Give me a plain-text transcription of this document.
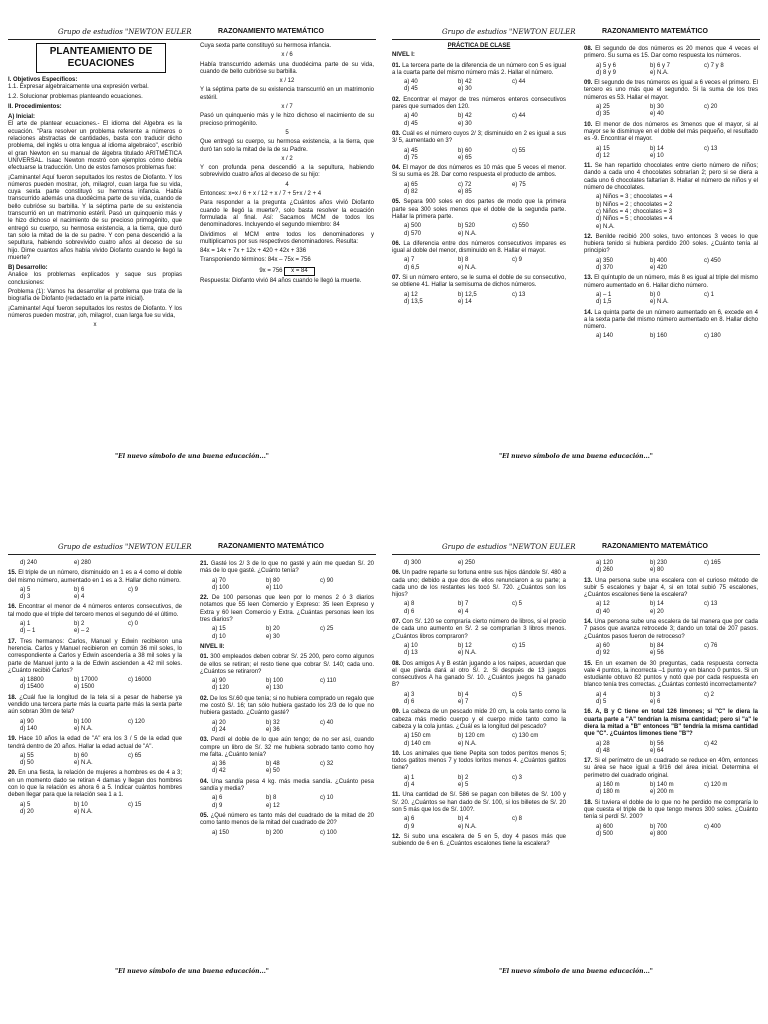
Grupo de estudios "NEWTON EULER	RAZONAMIENTO MATEMÁTICO
PLANTEAMIENTO DE ECUACIONES
I. Objetivos Específicos:
1.1. Expresar algebraicamente una expresión verbal.
1.2. Solucionar problemas planteando ecuaciones.
II. Procedimientos:
A) Inicial:
El arte de plantear ecuaciones.- El idioma del Algebra es la ecuación. "Para resolver un problema referente a números o relaciones abstractas de cantidades, basta con traducir dicho problema, del inglés u otra lengua al idioma algebraico", escribió el gran Newton en su manual de álgebra titulado ARITMÉTICA UNIVERSAL. Isaac Newton mostró con ejemplos cómo debía efectuarse la traducción. Uno de estos famosos problemas fue:
¡Caminante! Aquí fueron sepultados los restos de Diofanto. Y los números pueden mostrar, ¡oh, milagro!, cuan larga fue su vida, cuya sexta parte constituyó su hermosa infancia. Había transcurrido además una duodécima parte de su vida, cuando de bello cubrióse su barbilla. Y la séptima parte de su existencia transcurrió en un matrimonio estéril. Pasó un quinquenio más y le hizo dichoso el nacimiento de su precioso primogénito, que entregó su cuerpo, su hermosa existencia, a la tierra, que duró tan solo la mitad de la de su padre. Y con pena descendió a la sepultura, habiendo sobrevivido cuatro años al deceso de su hijo. Dime cuantos años había vivido Diofanto cuando le llegó la muerte?
B) Desarrollo:
Analice los problemas explicados y saque sus propias conclusiones:
Problema (1): Vamos ha desarrollar el problema que trata de la biografía de Diofanto (redactado en la parte inicial).
¡Caminante! Aquí fueron sepultados los restos de Diofanto. Y los números pueden mostrar, ¡oh, milagro!, cuan larga fue su vida,
x
Cuya sexta parte constituyó su hermosa infancia.
x / 6
Había transcurrido además una duodécima parte de su vida, cuando de bello cubrióse su barbilla.
x / 12
Y la séptima parte de su existencia transcurrió en un matrimonio estéril.
x / 7
Pasó un quinquenio más y le hizo dichoso el nacimiento de su precioso primogénito.
5
Que entregó su cuerpo, su hermosa existencia, a la tierra, que duró tan solo la mitad de la de su Padre.
x / 2
Y con profunda pena descendió a la sepultura, habiendo sobrevivido cuatro años al deceso de su hijo:
4
Entonces: x=x / 6 + x / 12 + x / 7 + 5+x / 2 + 4
Para responder a la pregunta ¿Cuántos años vivió Diofanto cuando le llegó la muerte?, solo basta resolver la ecuación formulada al final. Así: Sacamos MCM de todos los denominadores. Incluyendo el segundo miembro: 84
Dividimos el MCM entre todos los denominadores y multiplicamos por sus respectivos denominadores. Resulta:
84x = 14x + 7x + 12x + 420 + 42x + 336
Transponiendo términos: 84x – 75x = 756
9x = 756 x = 84
Respuesta: Diofanto vivió 84 años cuando le llegó la muerte.
"El nuevo símbolo de una buena educación..."
Grupo de estudios "NEWTON EULER	RAZONAMIENTO MATEMÁTICO
PRÁCTICA DE CLASE
NIVEL I:
01. La tercera parte de la diferencia de un número con 5 es igual a la cuarta parte del mismo número más 2. Hallar el número.
a) 40	b) 42	c) 44
d) 45	e) 30
02. Encontrar el mayor de tres números enteros consecutivos pares que sumados den 120.
a) 40	b) 42	c) 44
d) 45	e) 30
03. Cuál es el número cuyos 2/ 3; disminuido en 2 es igual a sus 3/ 5, aumentado en 3?
a) 45	b) 60	c) 55
d) 75	e) 65
04. El mayor de dos números es 10 más que 5 veces el menor. Si su suma es 28. Dar como respuesta el producto de ambos.
a) 65	c) 72	e) 75
d) 82	e) 85
05. Separa 900 soles en dos partes de modo que la primera parte sea 300 soles menos que el doble de la segunda parte. Hallar la primera parte.
a) 500	b) 520	c) 550
d) 570	e) N.A.
06. La diferencia entre dos números consecutivos impares es igual al doble del menor, disminuido en 8. Hallar el mayor.
a) 7	b) 8	c) 9
d) 6,5	e) N.A.
07. Si un número entero, se le suma el doble de su consecutivo, se obtiene 41. Hallar la semisuma de dichos números.
a) 12	b) 12,5	c) 13
d) 13,5	e) 14
08. El segundo de dos números es 20 menos que 4 veces el primero. Su suma es 15. Dar como respuesta los números.
a) 5 y 6	b) 6 y 7	c) 7 y 8
d) 8 y 9	e) N.A.
09. El segundo de tres números es igual a 6 veces el primero. El tercero es uno más que el segundo. Si la suma de los tres números es 53. Hallar el mayor.
a) 25	b) 30	c) 20
d) 35	e) 40
10. El menor de dos números es 3menos que el mayor, si al mayor se le disminuye en el doble del más pequeño, el resultado es -9. Encontrar el mayor.
a) 15	b) 14	c) 13
d) 12	e) 10
11. Se han repartido chocolates entre cierto número de niños; dando a cada uno 4 chocolates sobrarían 2; pero si se diera a cada uno 6 chocolates faltarían 8. Hallar el número de niños y el número de chocolates.
a) Niños = 3 ; chocolates = 4
b) Niños = 2 ; chocolates = 2
c) Niños = 4 ; chocolates = 3
d) Niños = 5 ; chocolates = 4
e) N.A.
12. Benilde recibió 200 soles, tuvo entonces 3 veces lo que hubiera tenido si hubiera perdido 200 soles. ¿Cuánto tenía al principio?
a) 350	b) 400	c) 450
d) 370	e) 420
13. El quíntuplo de un número, más 8 es igual al triple del mismo número aumentado en 6. Hallar dicho número.
a) – 1	b) 0	c) 1
d) 1,5	e) N.A.
14. La quinta parte de un número aumentado en 6, excede en 4 a la sexta parte del mismo número aumentado en 8. Hallar dicho número.
a) 140	b) 160	c) 180
"El nuevo símbolo de una buena educación..."
Grupo de estudios "NEWTON EULER	RAZONAMIENTO MATEMÁTICO
d) 240	e) 280
15. El triple de un número, disminuido en 1 es a 4 como el doble del mismo número, aumentado en 1 es a 3. Hallar dicho número.
a) 5	b) 6	c) 9
d) 3	e) 4
16. Encontrar el menor de 4 números enteros consecutivos, de tal modo que el triple del tercero menos el segundo dé el último.
a) 1	b) 2	c) 0
d) – 1	e) – 2
17. Tres hermanos: Carlos, Manuel y Edwin recibieron una herencia. Carlos y Manuel recibieron en común 36 mil soles, lo correspondiente a Carlos y Edwin ascendería a 38 mil soles y la parte de Manuel junto a la de Edwin ascienden a 42 mil soles. ¿Cuánto recibió Carlos?
a) 18800	b) 17000	c) 16000
d) 15400	e) 1500
18. ¿Cuál fue la longitud de la tela si a pesar de haberse ya vendido una tercera parte más la cuarta parte más la sexta parte aún sobran 30m de tela?
a) 90	b) 100	c) 120
d) 140	e) N.A.
19. Hace 10 años la edad de "A" era los 3 / 5 de la edad que tendrá dentro de 20 años. Hallar la edad actual de "A".
a) 55	b) 60	c) 65
d) 50	e) N.A.
20. En una fiesta, la relación de mujeres a hombres es de 4 a 3; en un momento dado se retiran 4 damas y llegan dos hombres con lo que la relación es ahora 6 a 5. Indicar cuántos hombres deben llegar para que la relación sea 1 a 1.
a) 5	b) 10	c) 15
d) 20	e) N.A.
21. Gasté los 2/ 3 de lo que no gasté y aún me quedan S/. 20 más de lo que gasté. ¿Cuánto tenía?
a) 70	b) 80	c) 90
d) 100	e) 110
22. De 100 personas que leen por lo menos 2 ó 3 diarios notamos que 55 leen Comercio y Expreso: 35 leen Expreso y Extra y 60 leen Comercio y Extra. ¿Cuántas personas leen los tres diarios?
a) 15	b) 20	c) 25
d) 10	e) 30
NIVEL II:
01. 300 empleados deben cobrar S/. 25 200, pero como algunos de ellos se retiran; el resto tiene que cobrar S/. 140; cada uno. ¿Cuántos se retiraron?
a) 90	b) 100	c) 110
d) 120	e) 130
02. De los S/.60 que tenía; si no hubiera comprado un regalo que me costó S/. 16; tan sólo hubiera gastado los 2/3 de lo que no hubiera gastado. ¿Cuánto gasté?
a) 20	b) 32	c) 40
d) 24	e) 36
03. Perdí el doble de lo que aún tengo; de no ser así, cuando compre un libro de S/. 32 me hubiera sobrado tanto como hoy me falta. ¿Cuánto tenía?
a) 36	b) 48	c) 32
d) 42	e) 50
04. Una sandía pesa 4 kg. más media sandía. ¿Cuánto pesa sandía y media?
a) 6	b) 8	c) 10
d) 9	e) 12
05. ¿Qué número es tanto más del cuadrado de la mitad de 20 como tanto menos de la mitad del cuadrado de 20?
a) 150	b) 200	c) 100
"El nuevo símbolo de una buena educación..."
Grupo de estudios "NEWTON EULER	RAZONAMIENTO MATEMÁTICO
d) 300	e) 250
06. Un padre reparte su fortuna entre sus hijos dándole S/. 480 a cada uno; debido a que dos de ellos renunciaron a su parte; a cada uno de los restantes les tocó S/. 720. ¿Cuántos son los hijos?
a) 8	b) 7	c) 5
d) 6	e) 4
07. Con S/. 120 se compraría cierto número de libros, si el precio de cada uno aumento en S/. 2 se comprarían 3 libros menos. ¿Cuántos libros compraron?
a) 10	b) 12	c) 15
d) 13	e) N.A.
08. Dos amigos A y B están jugando a los naipes, acuerdan que el que pierda dará al otro S/. 2. Si después de 13 juegos consecutivos A ha ganado S/. 10. ¿Cuántos juegos ha ganado B?
a) 3	b) 4	c) 5
d) 6	e) 7
09. La cabeza de un pescado mide 20 cm, la cola tanto como la cabeza más medio cuerpo y el cuerpo mide tanto como la cabeza y la cola juntas. ¿Cuál es la longitud del pescado?
a) 150 cm	b) 120 cm	c) 130 cm
d) 140 cm	e) N.A.
10. Los animales que tiene Pepita son todos perritos menos 5; todos gatitos menos 7 y todos loritos menos 4. ¿Cuántos gatitos tiene?
a) 1	b) 2	c) 3
d) 4	e) 5
11. Una cantidad de S/. 586 se pagan con billetes de S/. 100 y S/. 20. ¿Cuántos se han dado de S/. 100, si los billetes de S/. 20 son 5 más que los de S/. 100?.
a) 6	b) 4	c) 8
d) 9	e) N.A.
12. Si subo una escalera de 5 en 5, doy 4 pasos más que subiendo de 6 en 6. ¿Cuántos escalones tiene la escalera?
a) 120	b) 230	c) 165
d) 260	e) 80
13. Una persona sube una escalera con el curioso método de subir 5 escalones y bajar 4, si en total subió 75 escalones, ¿Cuántos escalones tiene la escalera?
a) 12	b) 14	c) 13
d) 40	e) 20
14. Una persona sube una escalera de tal manera que por cada 7 pasos que avanza retrocede 3; dando un total de 207 pasos. ¿Cuántos pasos fueron de retroceso?
a) 60	b) 84	c) 76
d) 92	e) 56
15. En un examen de 30 preguntas, cada respuesta correcta vale 4 puntos, la incorrecta –1 punto y en blanco 0 puntos. Si un estudiante obtuvo 82 puntos y notó que por cada respuesta en blanco tenía tres correctas. ¿Cuántas contestó incorrectamente?
a) 4	b) 3	c) 2
d) 5	e) 6
16. A, B y C tiene en total 126 limones; si "C" le diera la cuarta parte a "A" tendrían la misma cantidad; pero si "a" le diera la mitad a "B" entonces "B" tendría la misma cantidad que "C". ¿Cuántos limones tiene "B"?
a) 28	b) 56	c) 42
d) 48	e) 64
17. Si el perímetro de un cuadrado se reduce en 40m, entonces su área se hace igual a 9/16 del área inicial. Determina el perímetro del cuadrado original.
a) 160 m	b) 140 m	c) 120 m
d) 180 m	e) 200 m
18. Si tuviera el doble de lo que no he perdido me compraría lo que cuesta el triple de lo que tengo menos 300 soles. ¿Cuánto tenía si perdí S/. 200?
a) 600	b) 700	c) 400
d) 500	e) 800
"El nuevo símbolo de una buena educación..."
